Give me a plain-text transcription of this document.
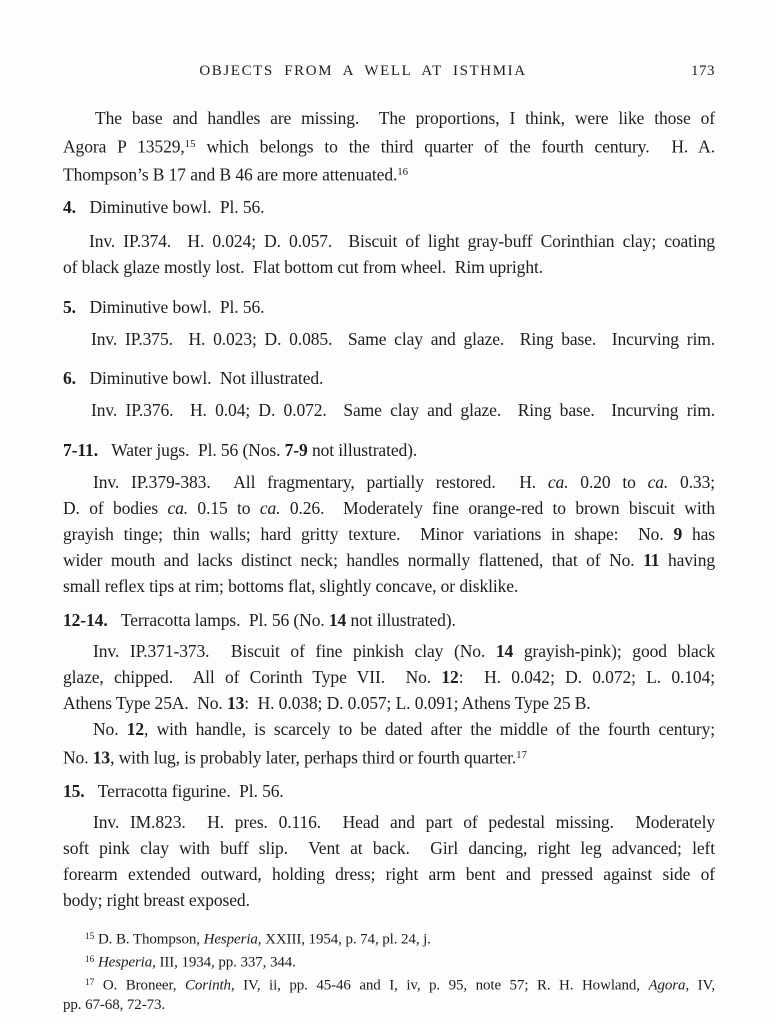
OBJECTS FROM A WELL AT ISTHMIA	173
The base and handles are missing.  The proportions, I think, were like those of
Agora P 13529,15 which belongs to the third quarter of the fourth century.  H. A.
Thompson’s B 17 and B 46 are more attenuated.$^{16}$
4.  Diminutive bowl.  Pl. 56.
Inv. IP.374.  H. 0.024; D. 0.057.  Biscuit of light gray-buff Corinthian clay; coating
of black glaze mostly lost.  Flat bottom cut from wheel.  Rim upright.
5.  Diminutive bowl.  Pl. 56.
Inv. IP.375.  H. 0.023; D. 0.085.  Same clay and glaze.  Ring base.  Incurving rim.
6.  Diminutive bowl.  Not illustrated.
Inv. IP.376.  H. 0.04; D. 0.072.  Same clay and glaze.  Ring base.  Incurving rim.
7-11.  Water jugs.  Pl. 56 (Nos. 7-9 not illustrated).
Inv. IP.379-383.  All fragmentary, partially restored.  H. ca. 0.20 to ca. 0.33;
D. of bodies ca. 0.15 to ca. 0.26.  Moderately fine orange-red to brown biscuit with
grayish tinge; thin walls; hard gritty texture.  Minor variations in shape:  No. 9 has
wider mouth and lacks distinct neck; handles normally flattened, that of No. 11 having
small reflex tips at rim; bottoms flat, slightly concave, or disklike.
12-14.  Terracotta lamps.  Pl. 56 (No. 14 not illustrated).
Inv. IP.371-373.  Biscuit of fine pinkish clay (No. 14 grayish-pink); good black
glaze, chipped.  All of Corinth Type VII.  No. 12:  H. 0.042; D. 0.072; L. 0.104;
Athens Type 25A.  No. 13:  H. 0.038; D. 0.057; L. 0.091; Athens Type 25 B.
No. 12, with handle, is scarcely to be dated after the middle of the fourth century;
No. 13, with lug, is probably later, perhaps third or fourth quarter.$^{17}$
15.  Terracotta figurine.  Pl. 56.
Inv. IM.823.  H. pres. 0.116.  Head and part of pedestal missing.  Moderately
soft pink clay with buff slip.  Vent at back.  Girl dancing, right leg advanced; left
forearm extended outward, holding dress; right arm bent and pressed against side of
body; right breast exposed.
$^{15}$ D. B. Thompson, Hesperia, XXIII, 1954, p. 74, pl. 24, j.
$^{16}$ Hesperia, III, 1934, pp. 337, 344.
$^{17}$ O. Broneer, Corinth, IV, ii, pp. 45-46 and I, iv, p. 95, note 57; R. H. Howland, Agora, IV,
pp. 67-68, 72-73.
